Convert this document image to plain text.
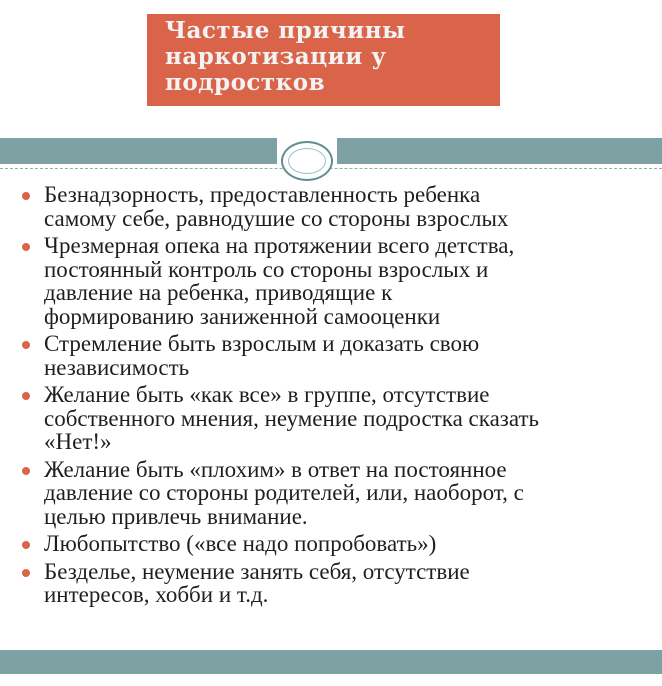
Частые причины
наркотизации у
подростков
Безнадзорность, предоставленность ребенка
самому себе, равнодушие со стороны взрослых
Чрезмерная опека на протяжении всего детства,
постоянный контроль со стороны взрослых и
давление на ребенка, приводящие к
формированию заниженной самооценки
Стремление быть взрослым и доказать свою
независимость
Желание быть «как все» в группе, отсутствие
собственного мнения, неумение подростка сказать
«Нет!»
Желание быть «плохим» в ответ на постоянное
давление со стороны родителей, или, наоборот, с
целью привлечь внимание.
Любопытство («все надо попробовать»)
Безделье, неумение занять себя, отсутствие
интересов, хобби и т.д.
